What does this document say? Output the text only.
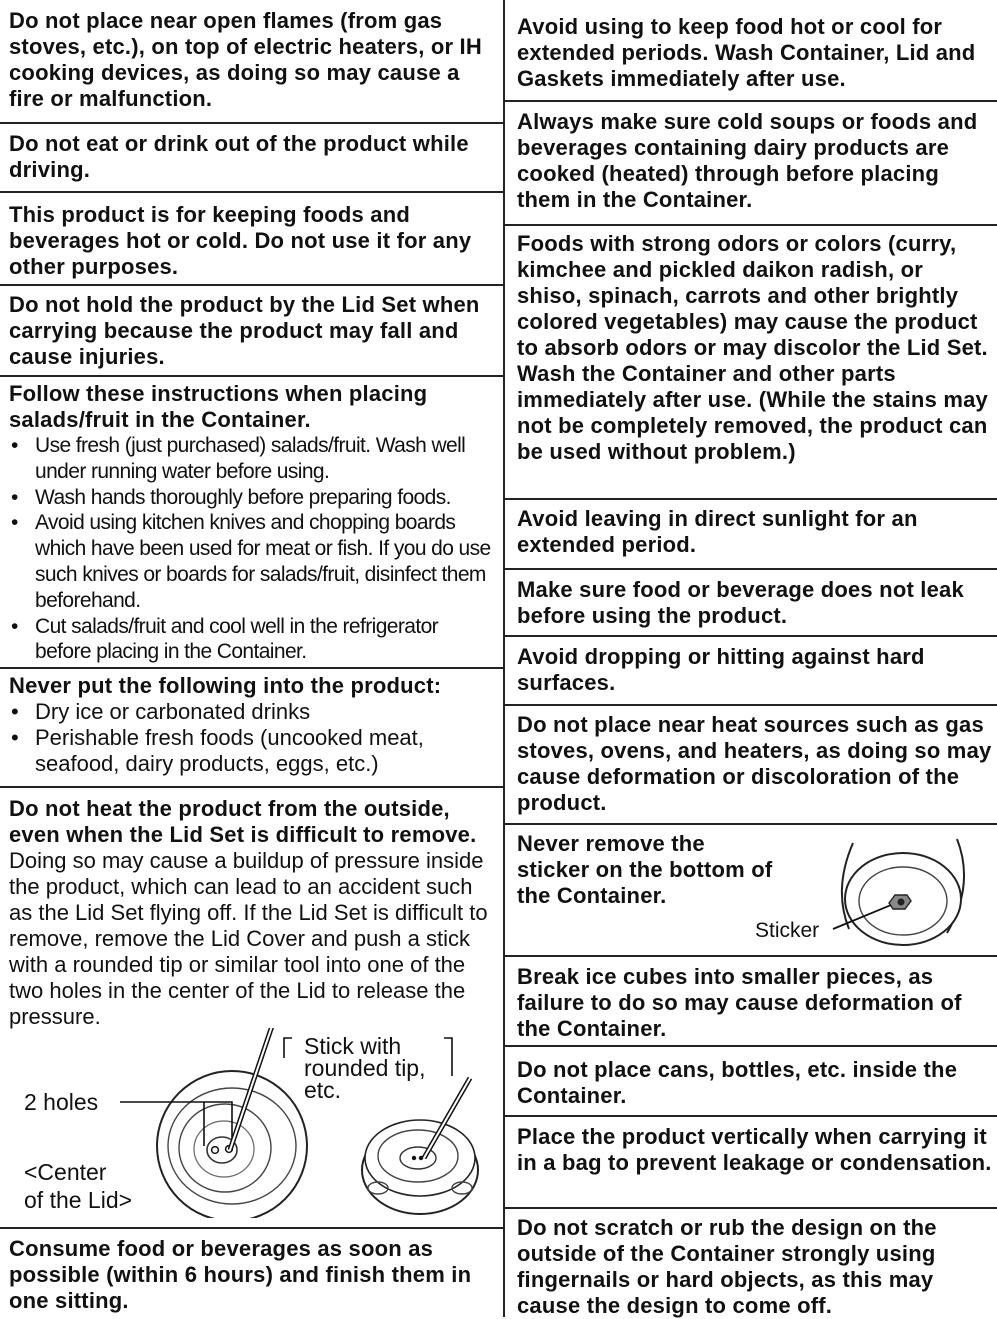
Do not place near open flames (from gas stoves, etc.), on top of electric heaters, or IH cooking devices, as doing so may cause a fire or malfunction.
Do not eat or drink out of the product while driving.
This product is for keeping foods and beverages hot or cold. Do not use it for any other purposes.
Do not hold the product by the Lid Set when carrying because the product may fall and cause injuries.
Follow these instructions when placing salads/fruit in the Container.
• Use fresh (just purchased) salads/fruit. Wash well under running water before using.
• Wash hands thoroughly before preparing foods.
• Avoid using kitchen knives and chopping boards which have been used for meat or fish. If you do use such knives or boards for salads/fruit, disinfect them beforehand.
• Cut salads/fruit and cool well in the refrigerator before placing in the Container.
Never put the following into the product:
• Dry ice or carbonated drinks
• Perishable fresh foods (uncooked meat, seafood, dairy products, eggs, etc.)
Do not heat the product from the outside, even when the Lid Set is difficult to remove.
Doing so may cause a buildup of pressure inside the product, which can lead to an accident such as the Lid Set flying off. If the Lid Set is difficult to remove, remove the Lid Cover and push a stick with a rounded tip or similar tool into one of the two holes in the center of the Lid to release the pressure.
2 holes
Stick with
rounded tip,
etc.
<Center
of the Lid>
Consume food or beverages as soon as possible (within 6 hours) and finish them in one sitting.
Avoid using to keep food hot or cool for extended periods. Wash Container, Lid and Gaskets immediately after use.
Always make sure cold soups or foods and beverages containing dairy products are cooked (heated) through before placing them in the Container.
Foods with strong odors or colors (curry, kimchee and pickled daikon radish, or shiso, spinach, carrots and other brightly colored vegetables) may cause the product to absorb odors or may discolor the Lid Set. Wash the Container and other parts immediately after use. (While the stains may not be completely removed, the product can be used without problem.)
Avoid leaving in direct sunlight for an extended period.
Make sure food or beverage does not leak before using the product.
Avoid dropping or hitting against hard surfaces.
Do not place near heat sources such as gas stoves, ovens, and heaters, as doing so may cause deformation or discoloration of the product.
Never remove the
sticker on the bottom of
the Container.
Sticker
Break ice cubes into smaller pieces, as failure to do so may cause deformation of the Container.
Do not place cans, bottles, etc. inside the Container.
Place the product vertically when carrying it in a bag to prevent leakage or condensation.
Do not scratch or rub the design on the outside of the Container strongly using fingernails or hard objects, as this may cause the design to come off.
